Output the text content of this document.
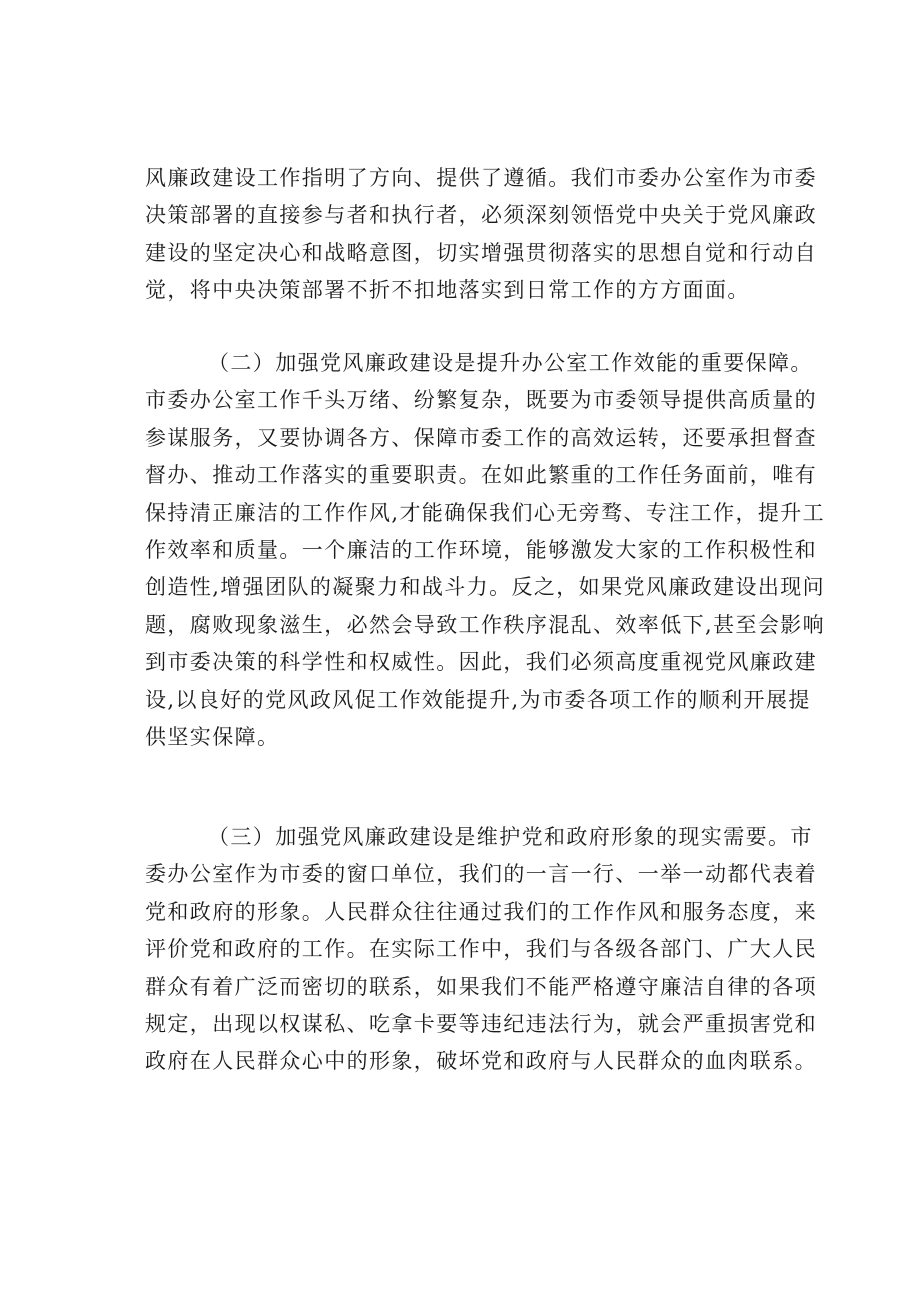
风廉政建设工作指明了方向、提供了遵循。我们市委办公室作为市委
决策部署的直接参与者和执行者，必须深刻领悟党中央关于党风廉政
建设的坚定决心和战略意图，切实增强贯彻落实的思想自觉和行动自
觉，将中央决策部署不折不扣地落实到日常工作的方方面面。
（二）加强党风廉政建设是提升办公室工作效能的重要保障。
市委办公室工作千头万绪、纷繁复杂，既要为市委领导提供高质量的
参谋服务，又要协调各方、保障市委工作的高效运转，还要承担督查
督办、推动工作落实的重要职责。在如此繁重的工作任务面前，唯有
保持清正廉洁的工作作风,才能确保我们心无旁骛、专注工作，提升工
作效率和质量。一个廉洁的工作环境，能够激发大家的工作积极性和
创造性,增强团队的凝聚力和战斗力。反之，如果党风廉政建设出现问
题，腐败现象滋生，必然会导致工作秩序混乱、效率低下,甚至会影响
到市委决策的科学性和权威性。因此，我们必须高度重视党风廉政建
设,以良好的党风政风促工作效能提升,为市委各项工作的顺利开展提
供坚实保障。
（三）加强党风廉政建设是维护党和政府形象的现实需要。市
委办公室作为市委的窗口单位，我们的一言一行、一举一动都代表着
党和政府的形象。人民群众往往通过我们的工作作风和服务态度，来
评价党和政府的工作。在实际工作中，我们与各级各部门、广大人民
群众有着广泛而密切的联系，如果我们不能严格遵守廉洁自律的各项
规定，出现以权谋私、吃拿卡要等违纪违法行为，就会严重损害党和
政府在人民群众心中的形象，破坏党和政府与人民群众的血肉联系。
